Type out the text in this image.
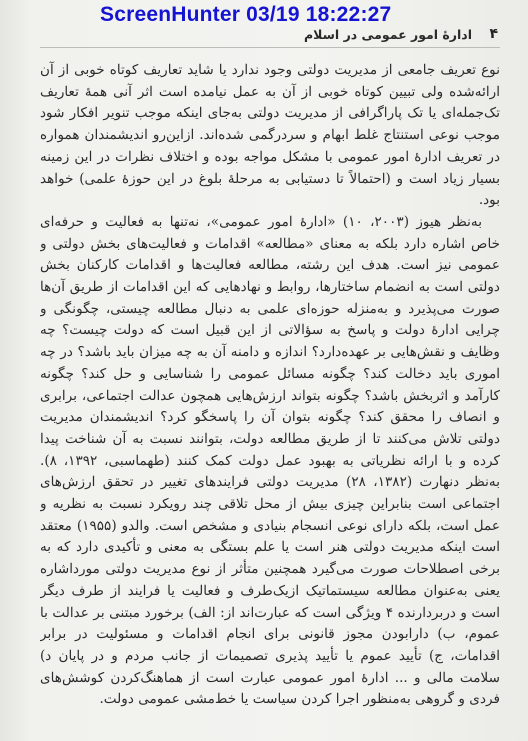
ScreenHunter 03/19 18:22:27
۴
ادارهٔ امور عمومی در اسلام

نوع تعریف جامعی از مدیریت دولتی وجود ندارد یا شاید تعاریف کوتاه خوبی از آن ارائه‌شده ولی تبیین کوتاه خوبی از آن به عمل نیامده است اثر آنی همهٔ تعاریف تک‌جمله‌ای یا تک پاراگرافی از مدیریت دولتی به‌جای اینکه موجب تنویر افکار شود موجب نوعی استنتاج غلط ابهام و سردرگمی شده‌اند. ازاین‌رو اندیشمندان همواره در تعریف ادارهٔ امور عمومی با مشکل مواجه بوده و اختلاف نظرات در این زمینه بسیار زیاد است و (احتمالاً تا دستیابی به مرحلهٔ بلوغ در این حوزهٔ علمی) خواهد بود.

به‌نظر هیوز (۲۰۰۳، ۱۰) «ادارهٔ امور عمومی»، نه‌تنها به فعالیت و حرفه‌ای خاص اشاره دارد بلکه به معنای «مطالعه» اقدامات و فعالیت‌های بخش دولتی و عمومی نیز است. هدف این رشته، مطالعه فعالیت‌ها و اقدامات کارکنان بخش دولتی است به انضمام ساختارها، روابط و نهادهایی که این اقدامات از طریق آن‌ها صورت می‌پذیرد و به‌منزله حوزه‌ای علمی به دنبال مطالعه چیستی، چگونگی و چرایی ادارهٔ دولت و پاسخ به سؤالاتی از این قبیل است که دولت چیست؟ چه وظایف و نقش‌هایی بر عهده‌دارد؟ اندازه و دامنه آن به چه میزان باید باشد؟ در چه اموری باید دخالت کند؟ چگونه مسائل عمومی را شناسایی و حل کند؟ چگونه کارآمد و اثربخش باشد؟ چگونه بتواند ارزش‌هایی همچون عدالت اجتماعی، برابری و انصاف را محقق کند؟ چگونه بتوان آن را پاسخگو کرد؟ اندیشمندان مدیریت دولتی تلاش می‌کنند تا از طریق مطالعه دولت، بتوانند نسبت به آن شناخت پیدا کرده و با ارائه نظریاتی به بهبود عمل دولت کمک کنند (طهماسبی، ۱۳۹۲، ۸). به‌نظر دنهارت (۱۳۸۲، ۲۸) مدیریت دولتی فرایندهای تغییر در تحقق ارزش‌های اجتماعی است بنابراین چیزی بیش از محل تلاقی چند رویکرد نسبت به نظریه و عمل است، بلکه دارای نوعی انسجام بنیادی و مشخص است. والدو (۱۹۵۵) معتقد است اینکه مدیریت دولتی هنر است یا علم بستگی به معنی و تأکیدی دارد که به برخی اصطلاحات صورت می‌گیرد همچنین متأثر از نوع مدیریت دولتی مورداشاره یعنی به‌عنوان مطالعه سیستماتیک ازیک‌طرف و فعالیت یا فرایند از طرف دیگر است و دربردارنده ۴ ویژگی است که عبارت‌اند از: الف) برخورد مبتنی بر عدالت با عموم، ب) دارابودن مجوز قانونی برای انجام اقدامات و مسئولیت در برابر اقدامات، ج) تأیید عموم یا تأیید پذیری تصمیمات از جانب مردم و در پایان د) سلامت مالی و ... ادارهٔ امور عمومی عبارت است از هماهنگ‌کردن کوشش‌های فردی و گروهی به‌منظور اجرا کردن سیاست یا خط‌مشی عمومی دولت.
